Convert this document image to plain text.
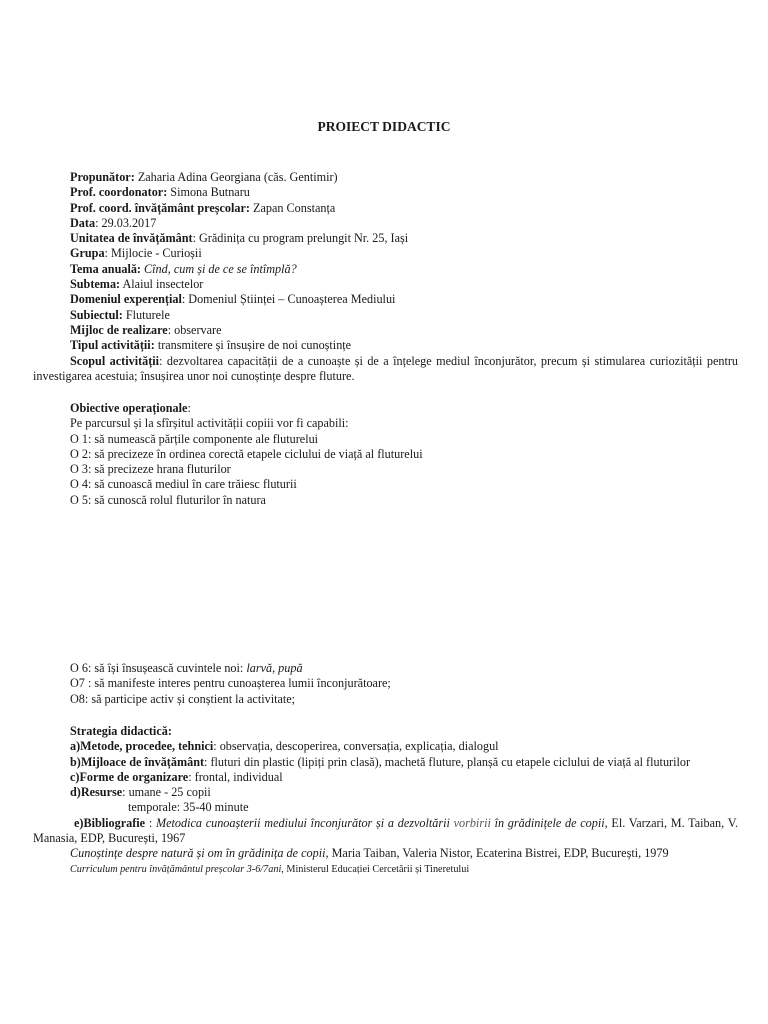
PROIECT DIDACTIC
Propunător: Zaharia Adina Georgiana (căs. Gentimir)
Prof. coordonator: Simona Butnaru
Prof. coord. învățământ preșcolar: Zapan Constanța
Data: 29.03.2017
Unitatea de învățământ: Grădinița cu program prelungit Nr. 25, Iași
Grupa: Mijlocie - Curioșii
Tema anuală: Cînd, cum și de ce se întîmplă?
Subtema: Alaiul insectelor
Domeniul experențial: Domeniul Științei – Cunoașterea Mediului
Subiectul: Fluturele
Mijloc de realizare: observare
Tipul activității: transmitere și însușire de noi cunoștințe
Scopul activității: dezvoltarea capacității de a cunoaște și de a înțelege mediul înconjurător, precum și stimularea curiozității pentru investigarea acestuia; însușirea unor noi cunoștințe despre fluture.
Obiective operaționale:
Pe parcursul și la sfîrșitul activității copiii vor fi capabili:
O 1: să numească părțile componente ale fluturelui
O 2: să precizeze în ordinea corectă etapele ciclului de viață al fluturelui
O 3: să precizeze hrana fluturilor
O 4: să cunoască mediul în care trăiesc fluturii
O 5: să cunoscă rolul fluturilor în natura
O 6: să își însușească cuvintele noi: larvă, pupă
O7 : să manifeste interes pentru cunoașterea lumii înconjurătoare;
O8: să participe activ și conștient la activitate;
Strategia didactică:
a)Metode, procedee, tehnici: observația, descoperirea, conversația, explicația, dialogul
b)Mijloace de învățământ: fluturi din plastic (lipiți prin clasă), machetă fluture, planșă cu etapele ciclului de viață al fluturilor
c)Forme de organizare: frontal, individual
d)Resurse: umane - 25 copii
temporale: 35-40 minute
e)Bibliografie : Metodica cunoașterii mediului înconjurător și a dezvoltării vorbirii în grădinițele de copii, El. Varzari, M. Taiban, V. Manasia, EDP, București, 1967
Cunoștințe despre natură și om în grădinița de copii, Maria Taiban, Valeria Nistor, Ecaterina Bistrei, EDP, București, 1979
Curriculum pentru învățământul preșcolar 3-6/7ani, Ministerul Educației Cercetării și Tineretului
